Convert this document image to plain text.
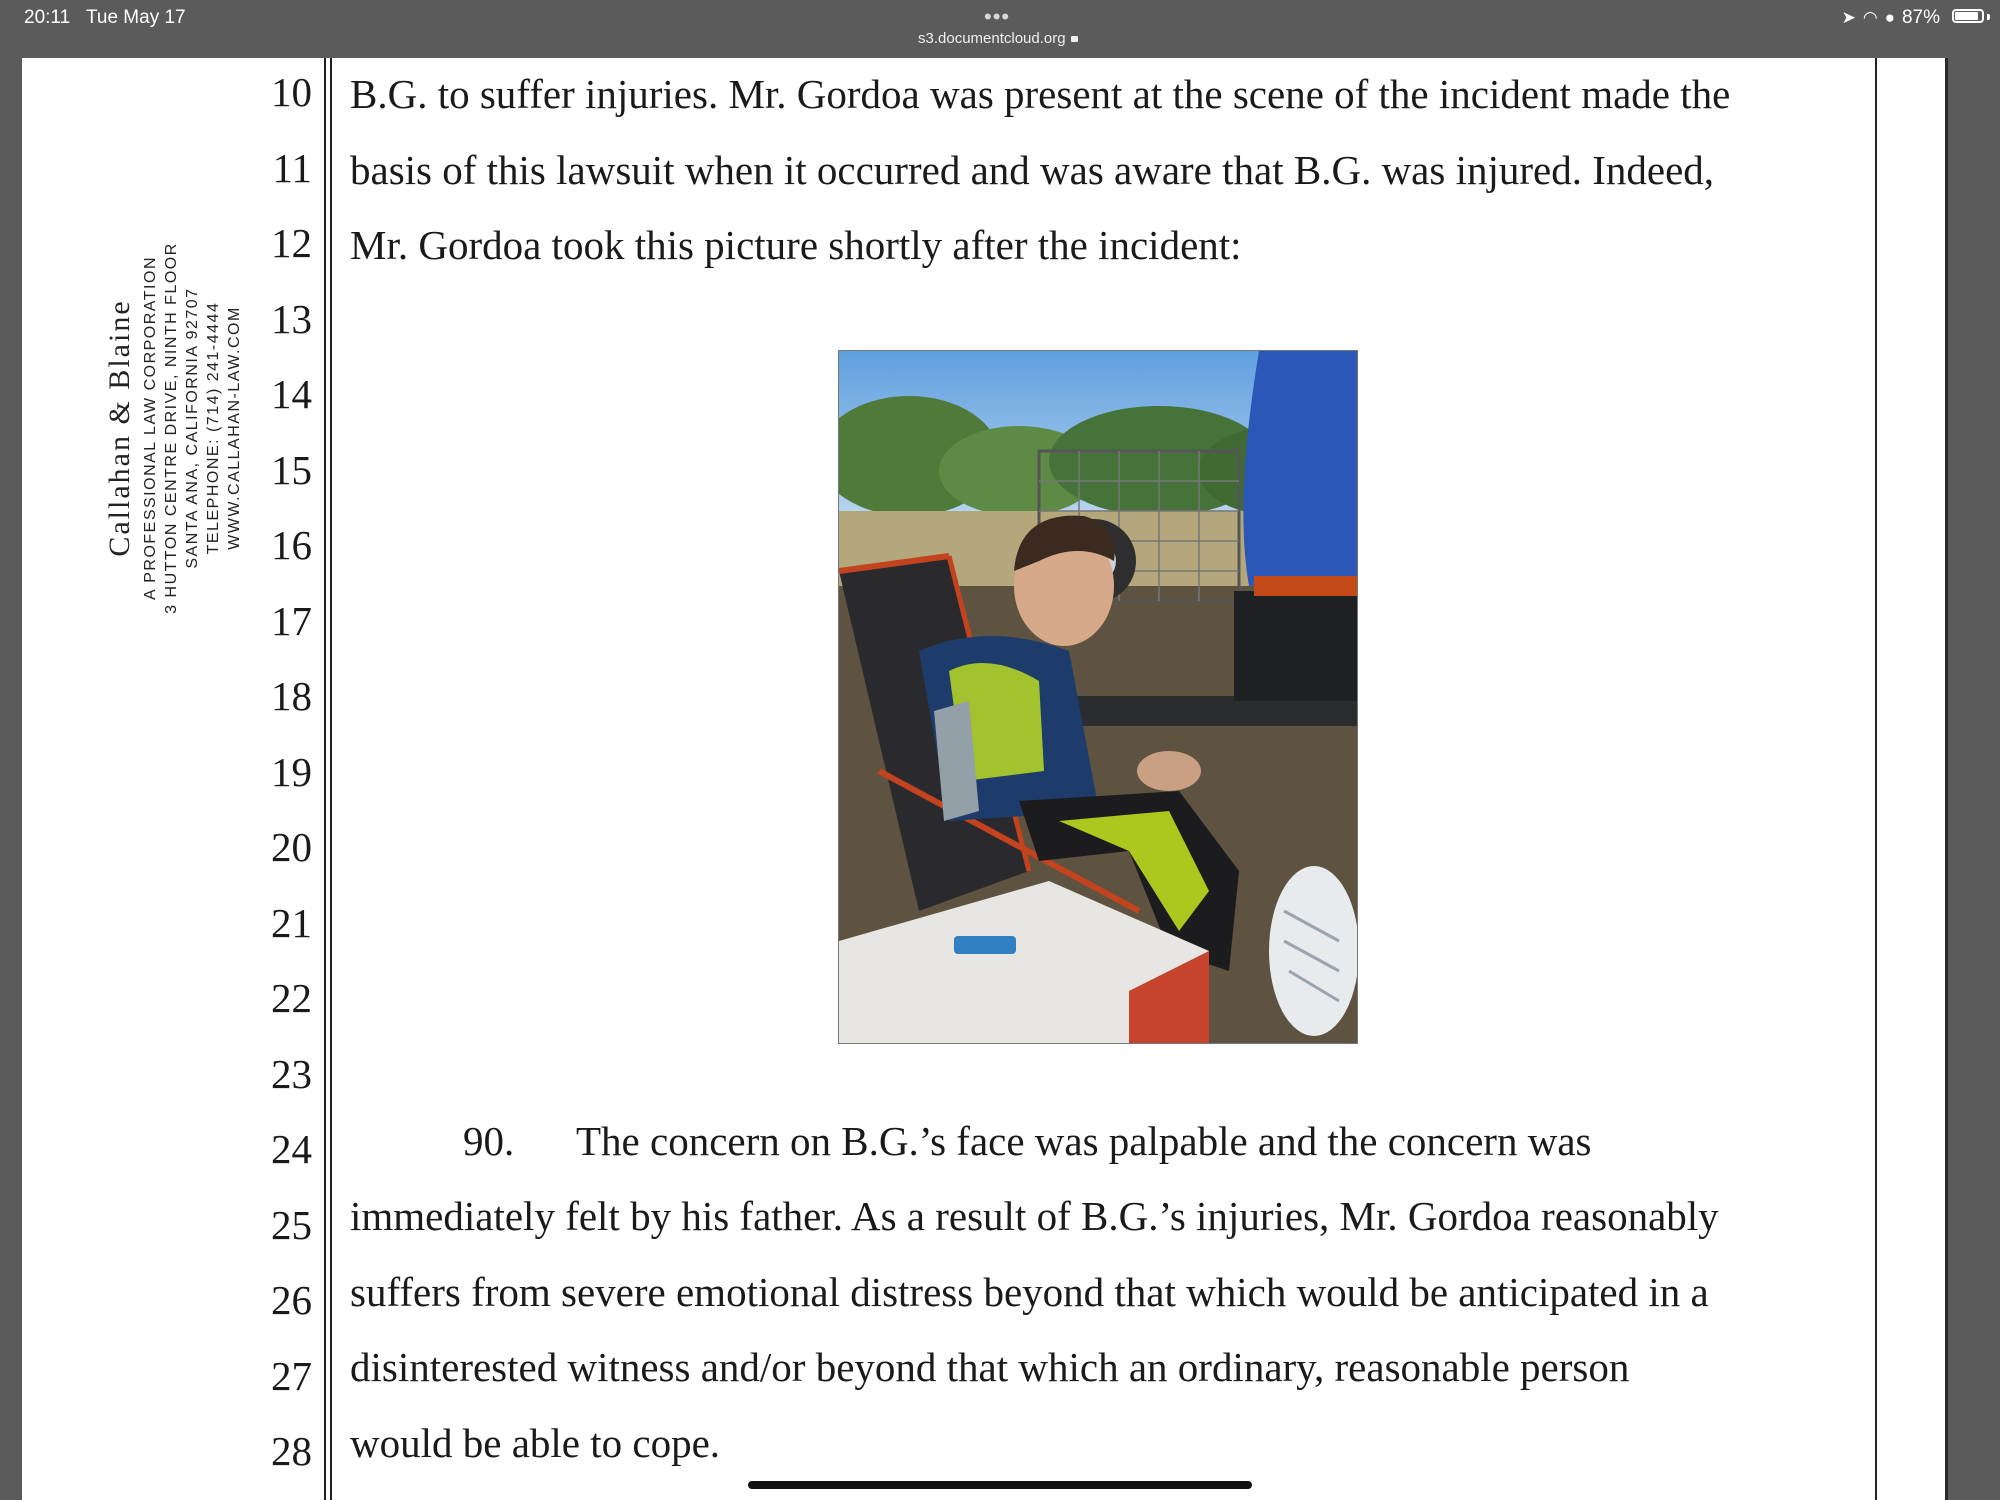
20:11 Tue May 17	•••
s3.documentcloud.org
➤ ◠ ● 87%
Callahan & Blaine A PROFESSIONAL LAW CORPORATION 3 HUTTON CENTRE DRIVE, NINTH FLOOR SANTA ANA, CALIFORNIA 92707 TELEPHONE: (714) 241-4444 WWW.CALLAHAN-LAW.COM
10
11
12
13
14
15
16
17
18
19
20
21
22
23
24
25
26
27
28
B.G. to suffer injuries. Mr. Gordoa was present at the scene of the incident made the
basis of this lawsuit when it occurred and was aware that B.G. was injured. Indeed,
Mr. Gordoa took this picture shortly after the incident:
90. The concern on B.G.’s face was palpable and the concern was
immediately felt by his father. As a result of B.G.’s injuries, Mr. Gordoa reasonably
suffers from severe emotional distress beyond that which would be anticipated in a
disinterested witness and/or beyond that which an ordinary, reasonable person
would be able to cope.
